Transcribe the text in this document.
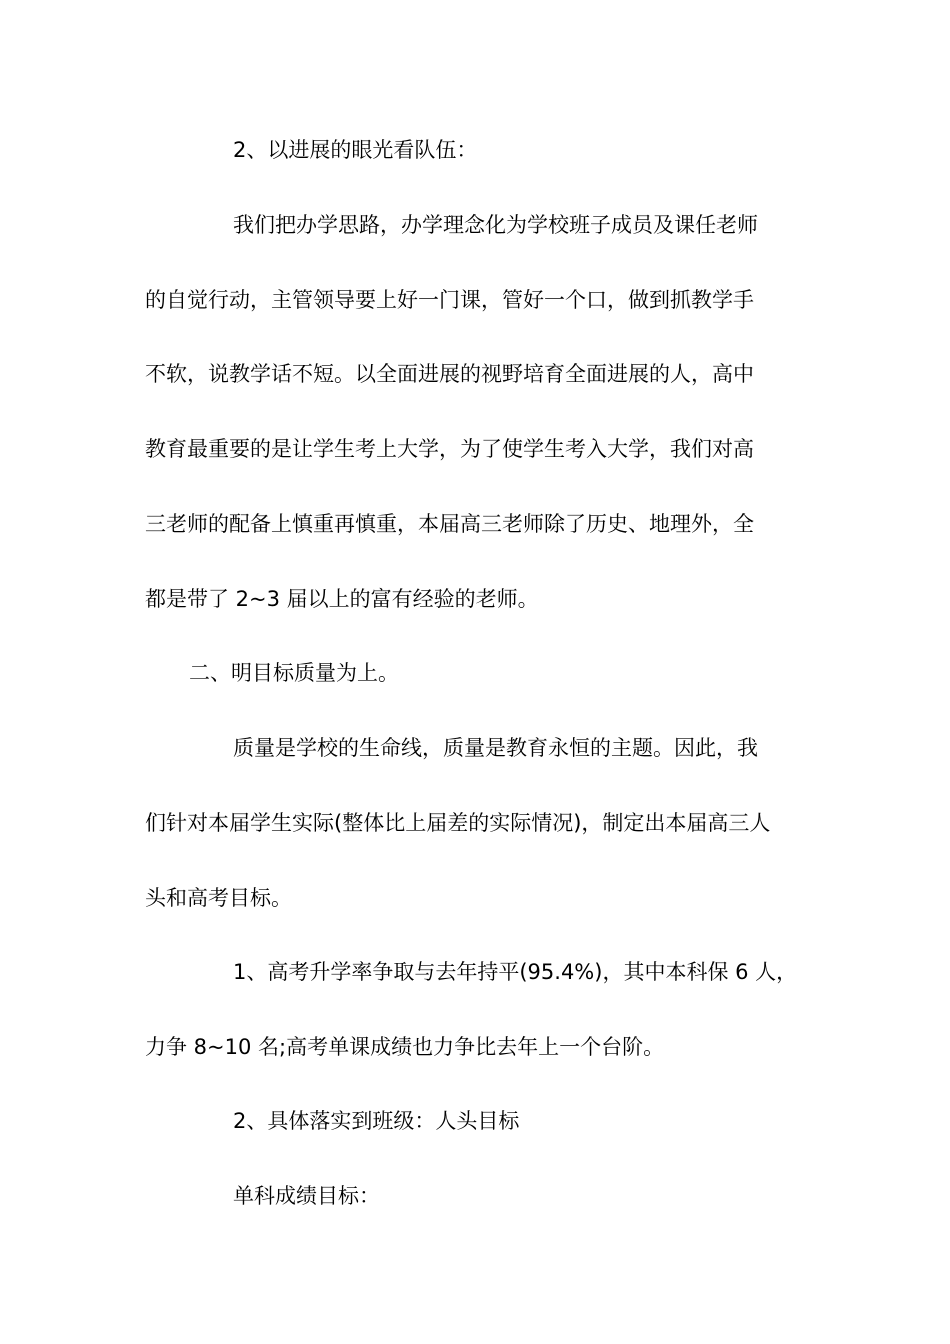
2、以进展的眼光看队伍：
我们把办学思路，办学理念化为学校班子成员及课任老师
的自觉行动，主管领导要上好一门课，管好一个口，做到抓教学手
不软，说教学话不短。以全面进展的视野培育全面进展的人，高中
教育最重要的是让学生考上大学，为了使学生考入大学，我们对高
三老师的配备上慎重再慎重，本届高三老师除了历史、地理外，全
都是带了 2~3 届以上的富有经验的老师。
二、明目标质量为上。
质量是学校的生命线，质量是教育永恒的主题。因此，我
们针对本届学生实际(整体比上届差的实际情况)，制定出本届高三人
头和高考目标。
1、高考升学率争取与去年持平(95.4%)，其中本科保 6 人，
力争 8~10 名;高考单课成绩也力争比去年上一个台阶。
2、具体落实到班级：人头目标
单科成绩目标：
